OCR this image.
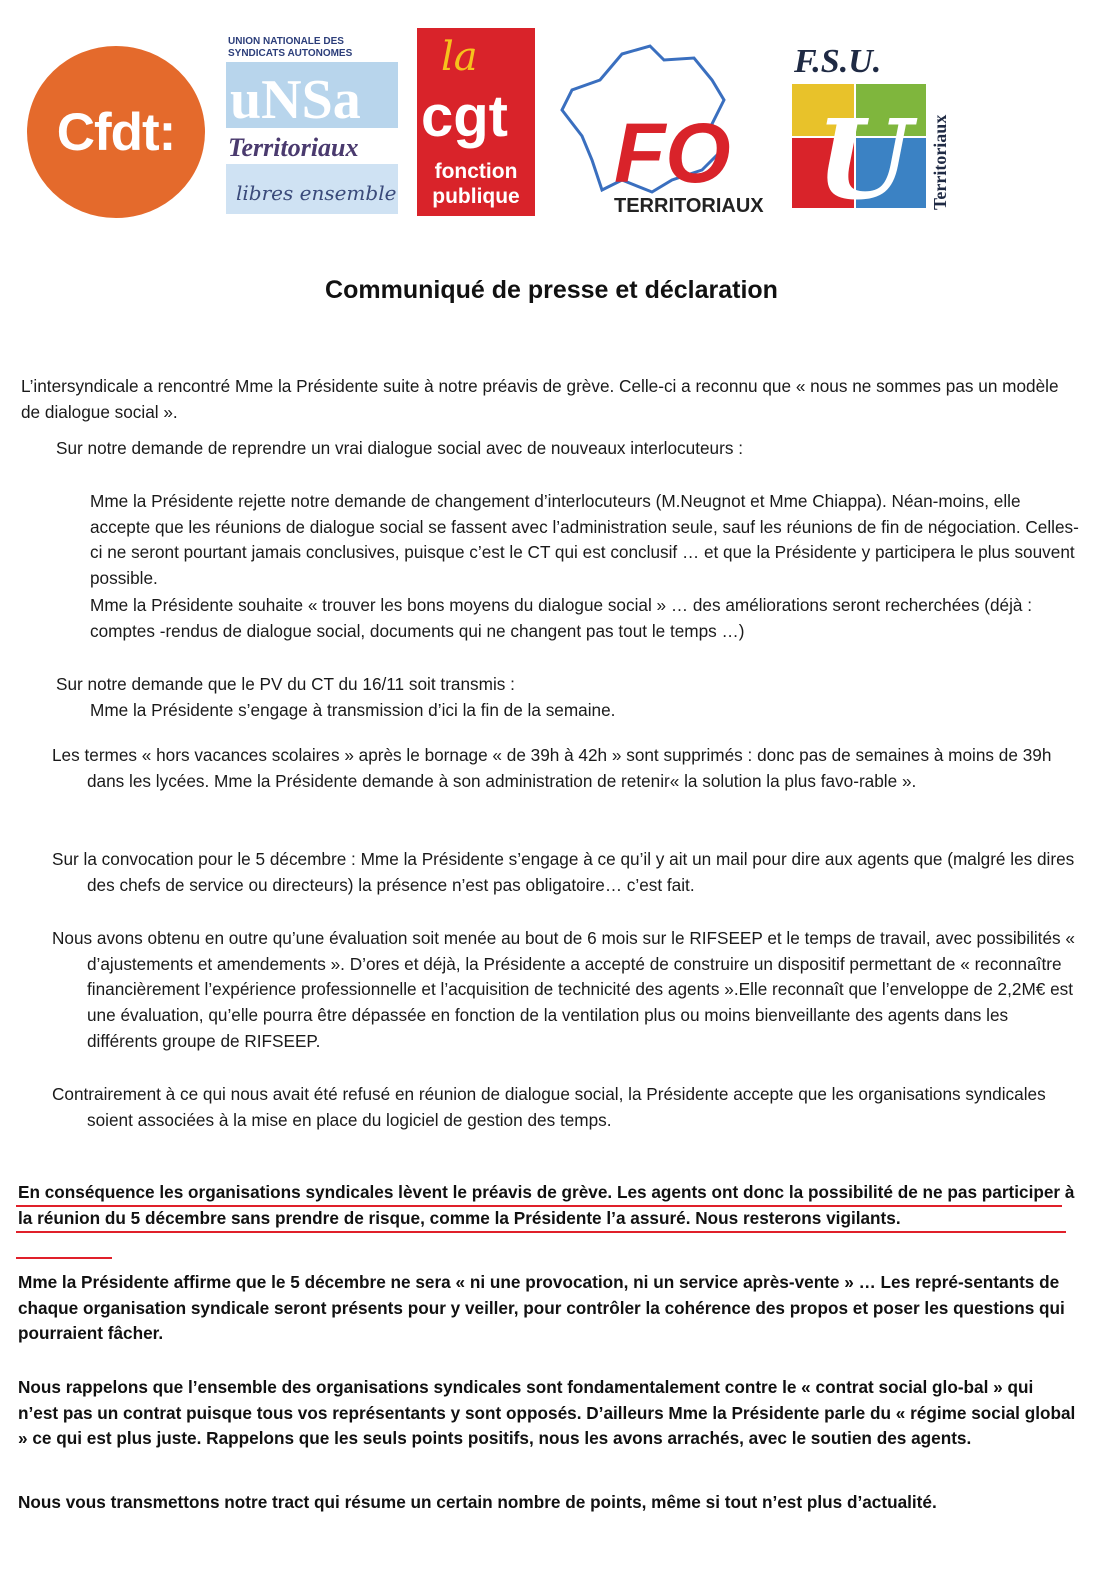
Cfdt:
UNION NATIONALE DES
SYNDICATS AUTONOMES
uNSa
Territoriaux
libres ensemble
la
cgt
fonction
publique FO
TERRITORIAUX
F.S.U.
U	Territoriaux
Communiqué de presse et déclaration

L’intersyndicale a rencontré Mme la Présidente suite à notre préavis de grève. Celle-ci a reconnu que « nous ne sommes pas un modèle de dialogue social ».

Sur notre demande de reprendre un vrai dialogue social avec de nouveaux interlocuteurs :

Mme la Présidente rejette notre demande de changement d’interlocuteurs (M.Neugnot et Mme Chiappa). Néan-moins, elle accepte que les réunions de dialogue social se fassent avec l’administration seule, sauf les réunions de fin de négociation. Celles-ci ne seront pourtant jamais conclusives, puisque c’est le CT qui est conclusif … et que la Présidente y participera le plus souvent possible.

Mme la Présidente souhaite « trouver les bons moyens du dialogue social » … des améliorations seront recherchées (déjà : comptes -rendus de dialogue social, documents qui ne changent pas tout le temps …)

Sur notre demande que le PV du CT du 16/11 soit transmis :

Mme la Présidente s’engage à transmission d’ici la fin de la semaine.

Les termes « hors vacances scolaires » après le bornage « de 39h à 42h » sont supprimés : donc pas de semaines à moins de 39h dans les lycées. Mme la Présidente demande à son administration de retenir« la solution la plus favo-rable ».

Sur la convocation pour le 5 décembre : Mme la Présidente s’engage à ce qu’il y ait un mail pour dire aux agents que (malgré les dires des chefs de service ou directeurs) la présence n’est pas obligatoire… c’est fait.

Nous avons obtenu en outre qu’une évaluation soit menée au bout de 6 mois sur le RIFSEEP et le temps de travail, avec possibilités « d’ajustements et amendements ». D’ores et déjà, la Présidente a accepté de construire un dispositif permettant de « reconnaître financièrement l’expérience professionnelle et l’acquisition de technicité des agents ».Elle reconnaît que l’enveloppe de 2,2M€ est une évaluation, qu’elle pourra être dépassée en fonction de la ventilation plus ou moins bienveillante des agents dans les différents groupe de RIFSEEP.

Contrairement à ce qui nous avait été refusé en réunion de dialogue social, la Présidente accepte que les organisations syndicales soient associées à la mise en place du logiciel de gestion des temps.

En conséquence les organisations syndicales lèvent le préavis de grève. Les agents ont donc la possibilité de ne pas participer à la réunion du 5 décembre sans prendre de risque, comme la Présidente l’a assuré. Nous resterons vigilants.

Mme la Présidente affirme que le 5 décembre ne sera « ni une provocation, ni un service après-vente » … Les repré-sentants de chaque organisation syndicale seront présents pour y veiller, pour contrôler la cohérence des propos et poser les questions qui pourraient fâcher.

Nous rappelons que l’ensemble des organisations syndicales sont fondamentalement contre le « contrat social glo-bal » qui n’est pas un contrat puisque tous vos représentants y sont opposés. D’ailleurs Mme la Présidente parle du « régime social global » ce qui est plus juste. Rappelons que les seuls points positifs, nous les avons arrachés, avec le soutien des agents.

Nous vous transmettons notre tract qui résume un certain nombre de points, même si tout n’est plus d’actualité.
